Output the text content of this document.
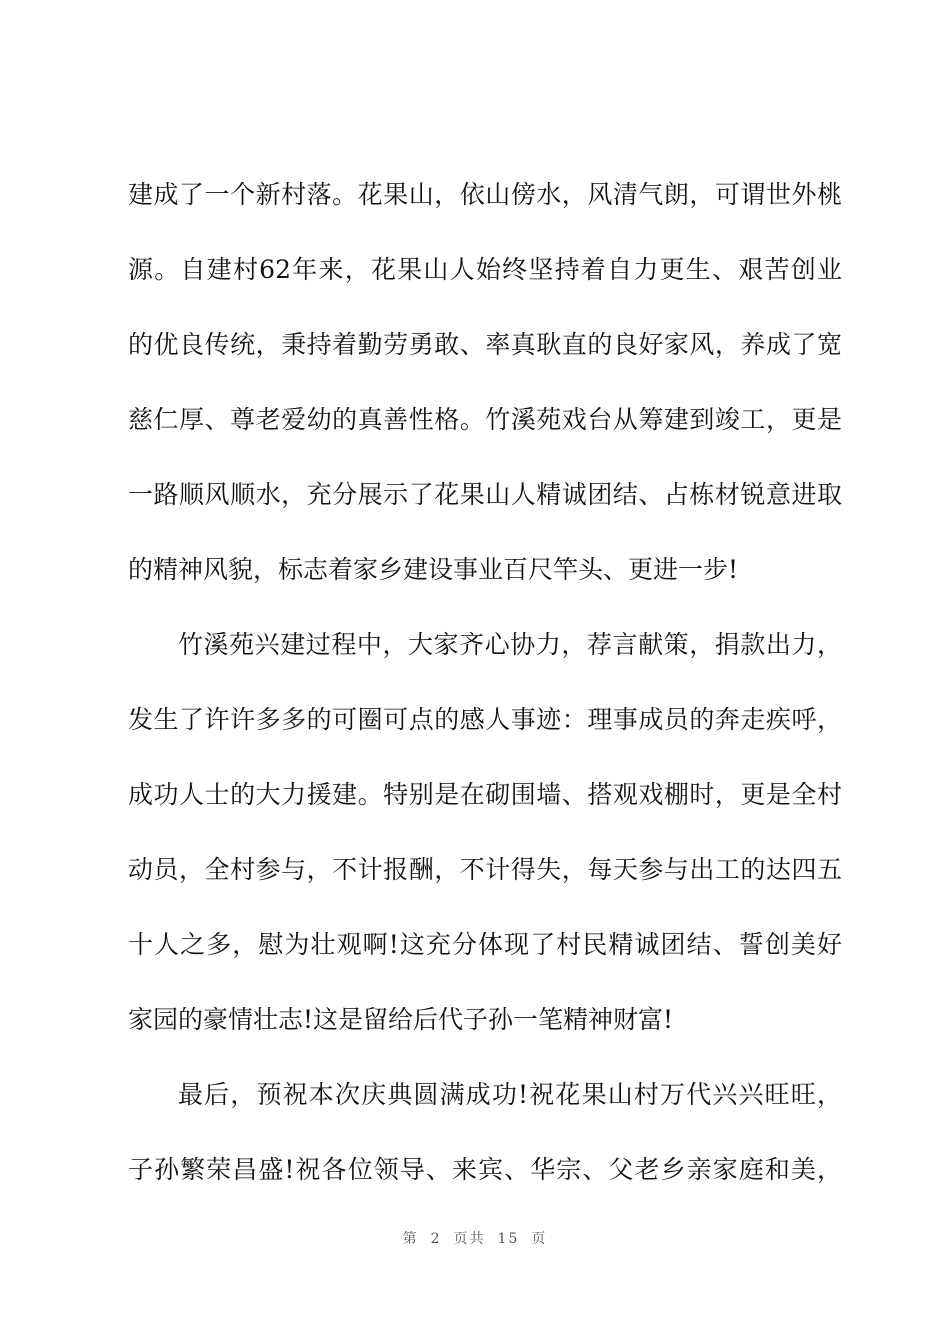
建成了一个新村落。花果山，依山傍水，风清气朗，可谓世外桃
源。自建村62年来，花果山人始终坚持着自力更生、艰苦创业
的优良传统，秉持着勤劳勇敢、率真耿直的良好家风，养成了宽
慈仁厚、尊老爱幼的真善性格。竹溪苑戏台从筹建到竣工，更是
一路顺风顺水，充分展示了花果山人精诚团结、占栋材锐意进取
的精神风貌，标志着家乡建设事业百尺竿头、更进一步!
竹溪苑兴建过程中，大家齐心协力，荐言献策，捐款出力，
发生了许许多多的可圈可点的感人事迹：理事成员的奔走疾呼，
成功人士的大力援建。特别是在砌围墙、搭观戏棚时，更是全村
动员，全村参与，不计报酬，不计得失，每天参与出工的达四五
十人之多，慰为壮观啊!这充分体现了村民精诚团结、誓创美好
家园的豪情壮志!这是留给后代子孙一笔精神财富!
最后，预祝本次庆典圆满成功!祝花果山村万代兴兴旺旺，
子孙繁荣昌盛!祝各位领导、来宾、华宗、父老乡亲家庭和美，
第 2 页共 15 页
